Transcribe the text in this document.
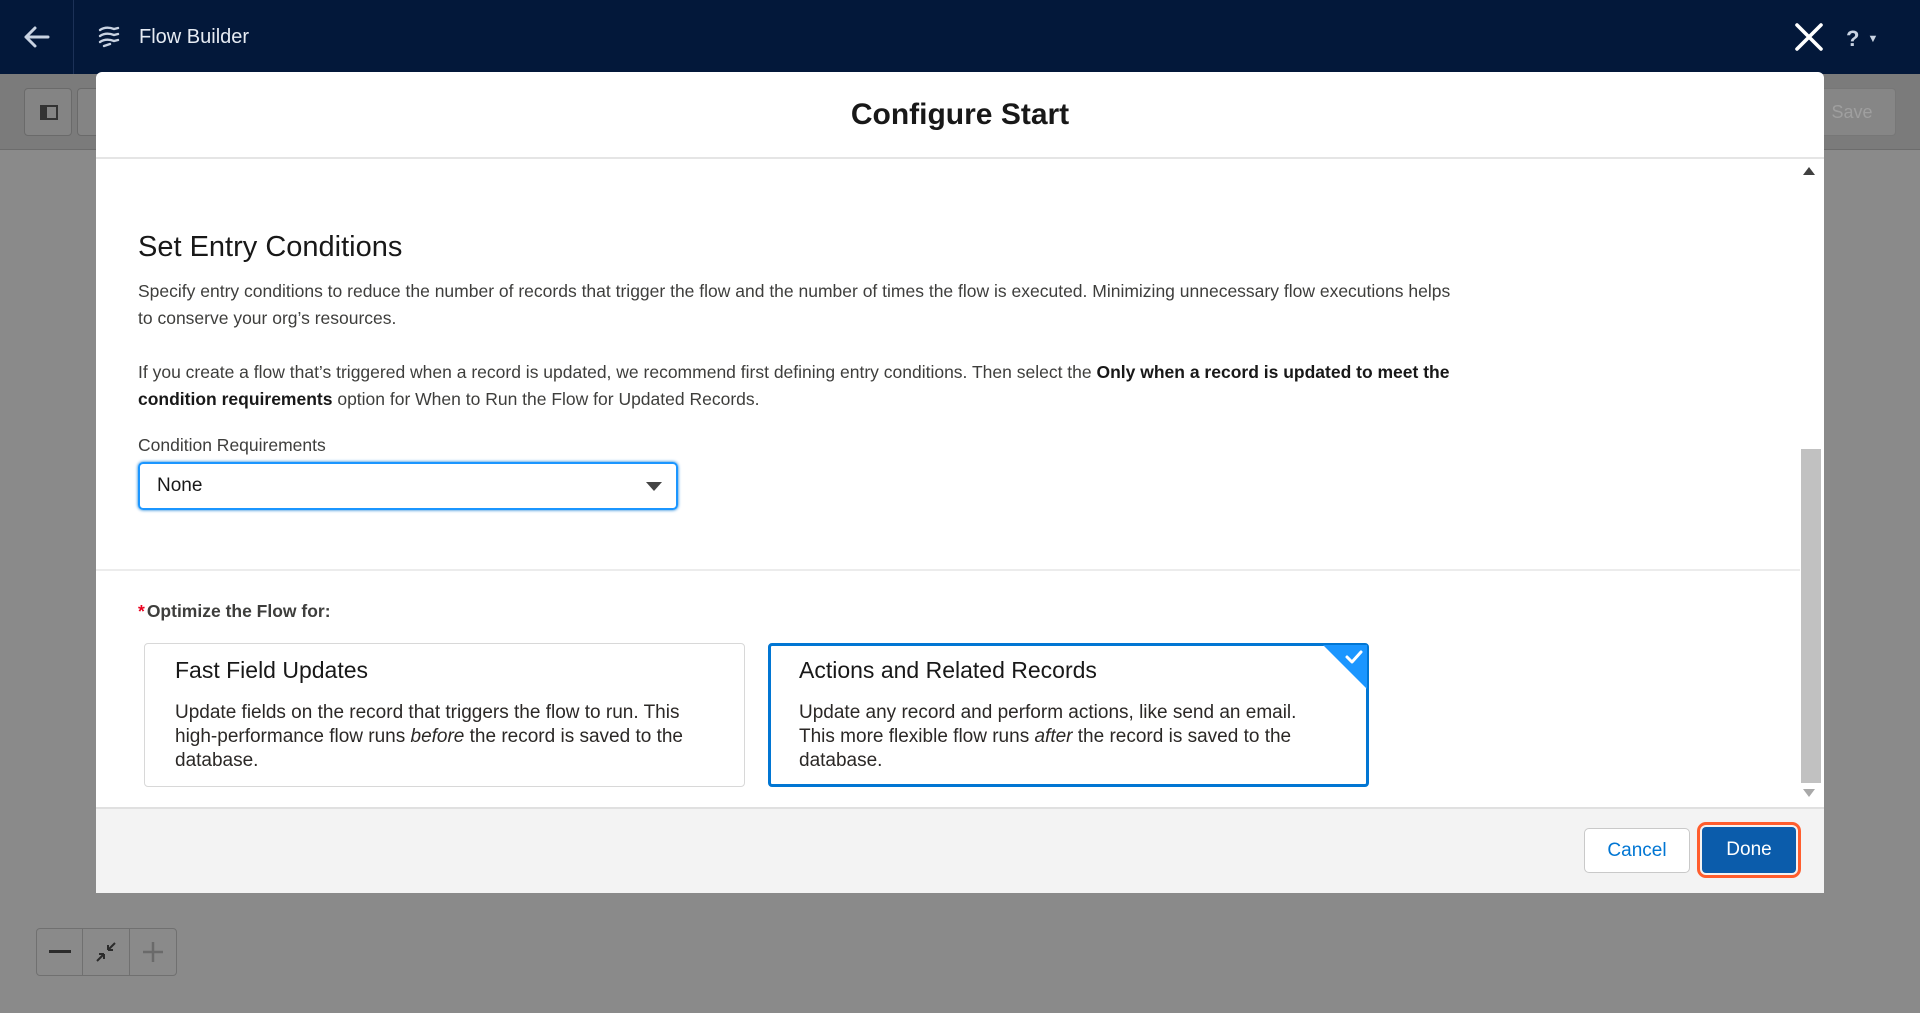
Flow Builder	? ▼
Save
Configure Start
Set Entry Conditions

Specify entry conditions to reduce the number of records that trigger the flow and the number of times the flow is executed. Minimizing unnecessary flow executions helps to conserve your org’s resources.

If you create a flow that’s triggered when a record is updated, we recommend first defining entry conditions. Then select the Only when a record is updated to meet the condition requirements option for When to Run the Flow for Updated Records.

Condition Requirements
None
* Optimize the Flow for:
Fast Field Updates
Update fields on the record that triggers the flow to run. This high-performance flow runs before the record is saved to the database.
Actions and Related Records
Update any record and perform actions, like send an email. This more flexible flow runs after the record is saved to the database.
Cancel	Done
